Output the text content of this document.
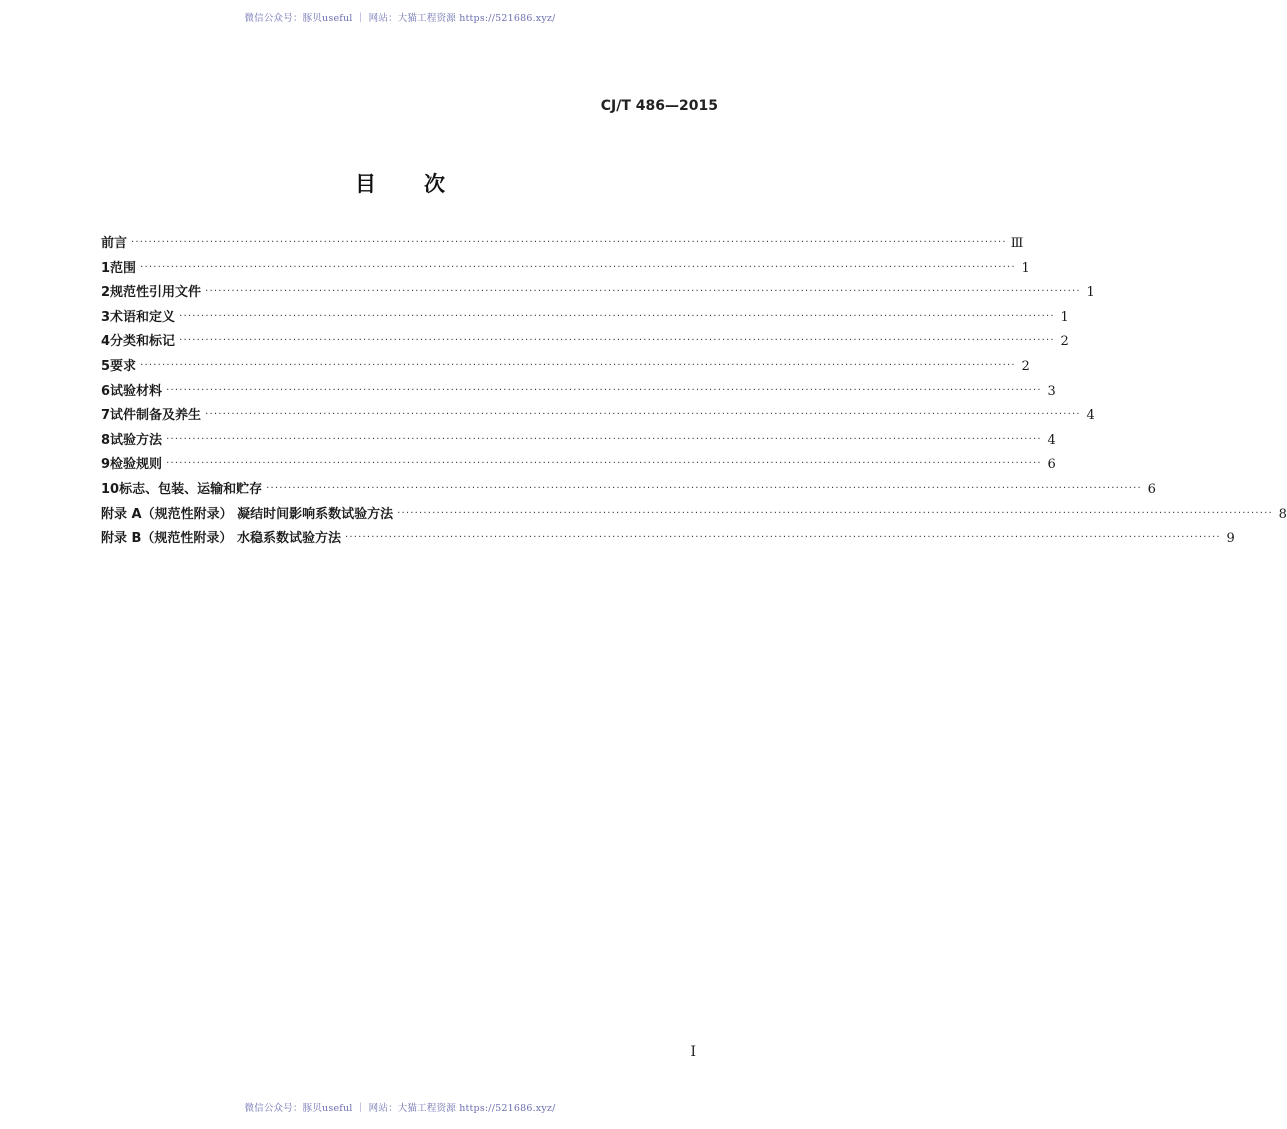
微信公众号：豚贝useful ｜ 网站：大猫工程资源 https://521686.xyz/
CJ/T 486—2015
目次
前言 ········································································································································································································ Ⅲ
1 范围 ········································································································································································································ 1
2 规范性引用文件 ········································································································································································································ 1
3 术语和定义 ········································································································································································································ 1
4 分类和标记 ········································································································································································································ 2
5 要求 ········································································································································································································ 2
6 试验材料 ········································································································································································································ 3
7 试件制备及养生 ········································································································································································································ 4
8 试验方法 ········································································································································································································ 4
9 检验规则 ········································································································································································································ 6
10 标志、包装、运输和贮存 ········································································································································································································ 6
附录 A（规范性附录） 凝结时间影响系数试验方法 ········································································································································································································ 8
附录 B（规范性附录） 水稳系数试验方法 ········································································································································································································ 9
Ⅰ
微信公众号：豚贝useful ｜ 网站：大猫工程资源 https://521686.xyz/
